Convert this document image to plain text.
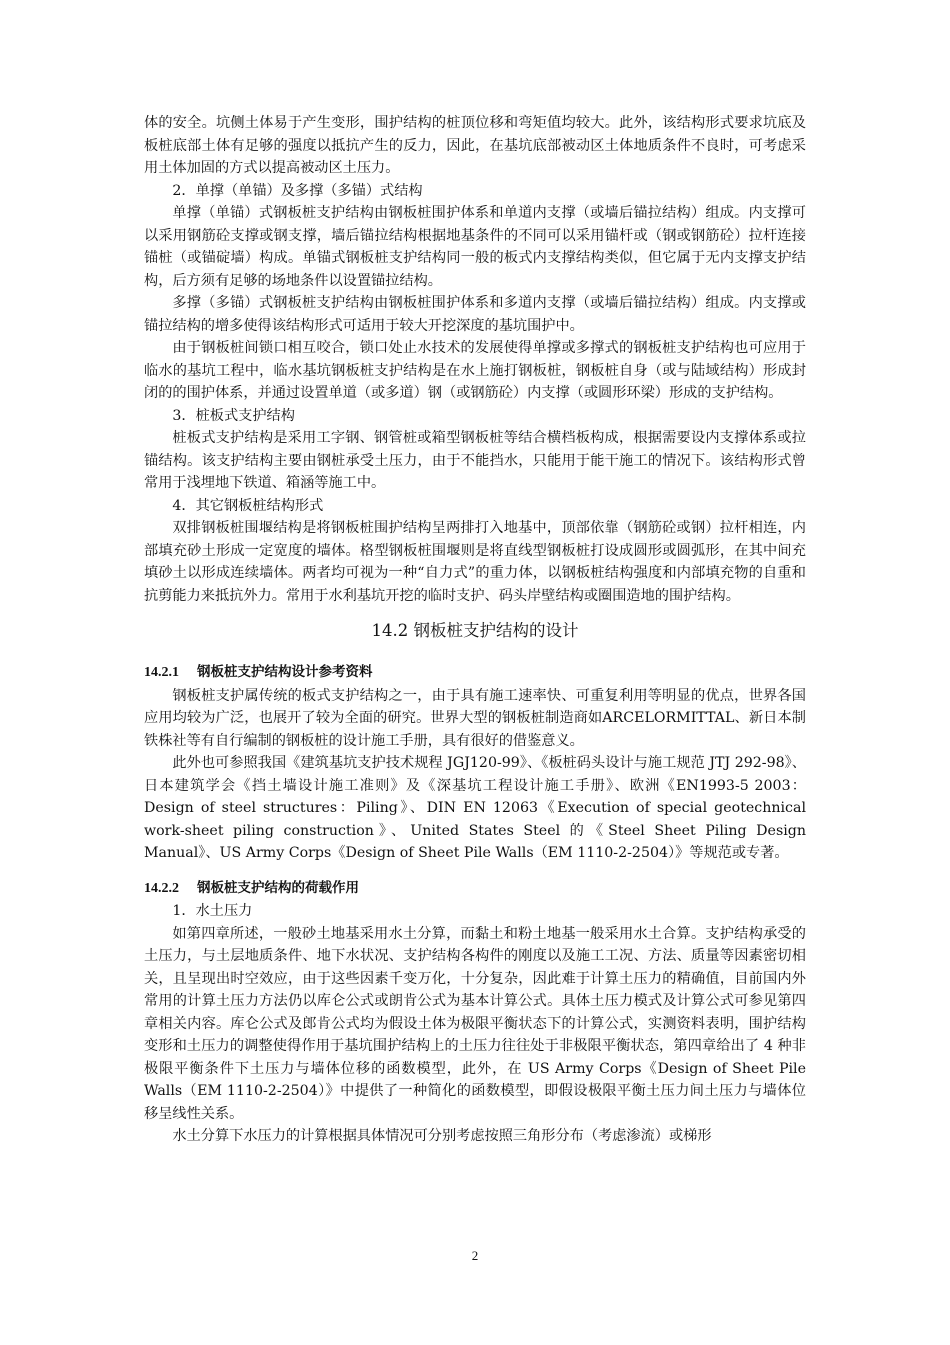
体的安全。坑侧土体易于产生变形，围护结构的桩顶位移和弯矩值均较大。此外，该结构形式要求坑底及板桩底部土体有足够的强度以抵抗产生的反力，因此，在基坑底部被动区土体地质条件不良时，可考虑采用土体加固的方式以提高被动区土压力。

2．单撑（单锚）及多撑（多锚）式结构

单撑（单锚）式钢板桩支护结构由钢板桩围护体系和单道内支撑（或墙后锚拉结构）组成。内支撑可以采用钢筋砼支撑或钢支撑，墙后锚拉结构根据地基条件的不同可以采用锚杆或（钢或钢筋砼）拉杆连接锚桩（或锚碇墙）构成。单锚式钢板桩支护结构同一般的板式内支撑结构类似，但它属于无内支撑支护结构，后方须有足够的场地条件以设置锚拉结构。

多撑（多锚）式钢板桩支护结构由钢板桩围护体系和多道内支撑（或墙后锚拉结构）组成。内支撑或锚拉结构的增多使得该结构形式可适用于较大开挖深度的基坑围护中。

由于钢板桩间锁口相互咬合，锁口处止水技术的发展使得单撑或多撑式的钢板桩支护结构也可应用于临水的基坑工程中，临水基坑钢板桩支护结构是在水上施打钢板桩，钢板桩自身（或与陆域结构）形成封闭的的围护体系，并通过设置单道（或多道）钢（或钢筋砼）内支撑（或圆形环梁）形成的支护结构。

3．桩板式支护结构

桩板式支护结构是采用工字钢、钢管桩或箱型钢板桩等结合横档板构成，根据需要设内支撑体系或拉锚结构。该支护结构主要由钢桩承受土压力，由于不能挡水，只能用于能干施工的情况下。该结构形式曾常用于浅埋地下铁道、箱涵等施工中。

4．其它钢板桩结构形式

双排钢板桩围堰结构是将钢板桩围护结构呈两排打入地基中，顶部依靠（钢筋砼或钢）拉杆相连，内部填充砂土形成一定宽度的墙体。格型钢板桩围堰则是将直线型钢板桩打设成圆形或圆弧形，在其中间充填砂土以形成连续墙体。两者均可视为一种“自力式”的重力体，以钢板桩结构强度和内部填充物的自重和抗剪能力来抵抗外力。常用于水利基坑开挖的临时支护、码头岸壁结构或圈围造地的围护结构。

14.2 钢板桩支护结构的设计

14.2.1 钢板桩支护结构设计参考资料

钢板桩支护属传统的板式支护结构之一，由于具有施工速率快、可重复利用等明显的优点，世界各国应用均较为广泛，也展开了较为全面的研究。世界大型的钢板桩制造商如ARCELORMITTAL、新日本制铁株社等有自行编制的钢板桩的设计施工手册，具有很好的借鉴意义。

此外也可参照我国《建筑基坑支护技术规程 JGJ120-99》、《板桩码头设计与施工规范 JTJ 292-98》、日本建筑学会《挡土墙设计施工准则》及《深基坑工程设计施工手册》、欧洲《EN1993-5 2003：Design of steel structures：Piling》、DIN EN 12063《Execution of special geotechnical work-sheet piling construction》、United States Steel 的《Steel Sheet Piling Design Manual》、US Army Corps《Design of Sheet Pile Walls（EM 1110-2-2504）》等规范或专著。

14.2.2 钢板桩支护结构的荷载作用

1．水土压力

如第四章所述，一般砂土地基采用水土分算，而黏土和粉土地基一般采用水土合算。支护结构承受的土压力，与土层地质条件、地下水状况、支护结构各构件的刚度以及施工工况、方法、质量等因素密切相关，且呈现出时空效应，由于这些因素千变万化，十分复杂，因此难于计算土压力的精确值，目前国内外常用的计算土压力方法仍以库仑公式或朗肯公式为基本计算公式。具体土压力模式及计算公式可参见第四章相关内容。库仑公式及郎肯公式均为假设土体为极限平衡状态下的计算公式，实测资料表明，围护结构变形和土压力的调整使得作用于基坑围护结构上的土压力往往处于非极限平衡状态，第四章给出了 4 种非极限平衡条件下土压力与墙体位移的函数模型，此外，在 US Army Corps《Design of Sheet Pile Walls（EM 1110-2-2504）》中提供了一种简化的函数模型，即假设极限平衡土压力间土压力与墙体位移呈线性关系。

水土分算下水压力的计算根据具体情况可分别考虑按照三角形分布（考虑渗流）或梯形

2
